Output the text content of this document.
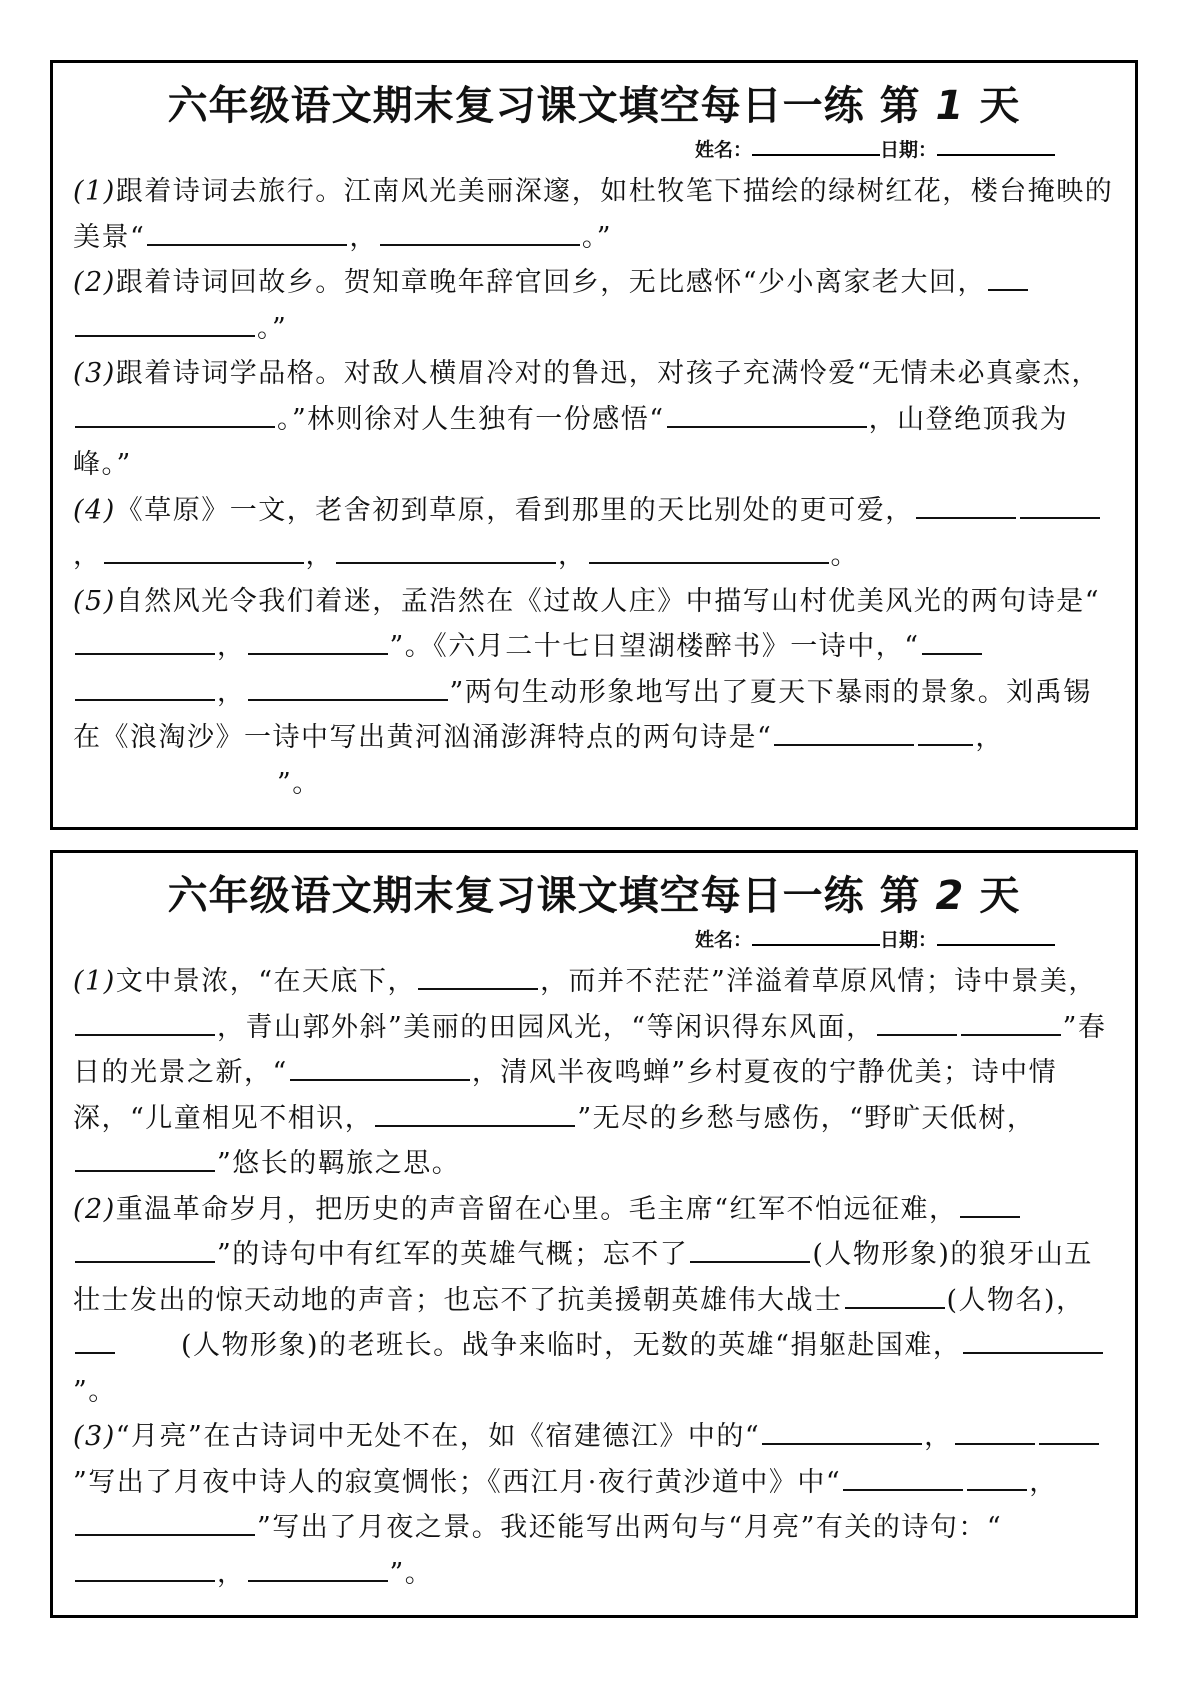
六年级语文期末复习课文填空每日一练 第 1 天
姓名：	日期：

(1)跟着诗词去旅行。江南风光美丽深邃，如杜牧笔下描绘的绿树红花，楼台掩映的美景“	，	。”

(2)跟着诗词回故乡。贺知章晚年辞官回乡，无比感怀“少小离家老大回，。”

(3)跟着诗词学品格。对敌人横眉冷对的鲁迅，对孩子充满怜爱“无情未必真豪杰，。”林则徐对人生独有一份感悟“	，山登绝顶我为峰。”

(4)《草原》一文，老舍初到草原，看到那里的天比别处的更可爱，，	，	，	。

(5)自然风光令我们着迷，孟浩然在《过故人庄》中描写山村优美风光的两句诗是“，	”。《六月二十七日望湖楼醉书》一诗中，“，	”两句生动形象地写出了夏天下暴雨的景象。刘禹锡在《浪淘沙》一诗中写出黄河汹涌澎湃特点的两句诗是“	，”。

六年级语文期末复习课文填空每日一练 第 2 天
姓名：	日期：

(1)文中景浓，“在天底下，	，而并不茫茫”洋溢着草原风情；诗中景美，，青山郭外斜”美丽的田园风光，“等闲识得东风面，	”春日的光景之新，“	，清风半夜鸣蝉”乡村夏夜的宁静优美；诗中情深，“儿童相见不相识，	”无尽的乡愁与感伤，“野旷天低树，”悠长的羁旅之思。

(2)重温革命岁月，把历史的声音留在心里。毛主席“红军不怕远征难，”的诗句中有红军的英雄气概；忘不了	(人物形象)的狼牙山五壮士发出的惊天动地的声音；也忘不了抗美援朝英雄伟大战士	(人物名)，(人物形象)的老班长。战争来临时，无数的英雄“捐躯赴国难，”。

(3)“月亮”在古诗词中无处不在，如《宿建德江》中的“	，”写出了月夜中诗人的寂寞惆怅；《西江月·夜行黄沙道中》中“	，”写出了月夜之景。我还能写出两句与“月亮”有关的诗句：“，	”。
